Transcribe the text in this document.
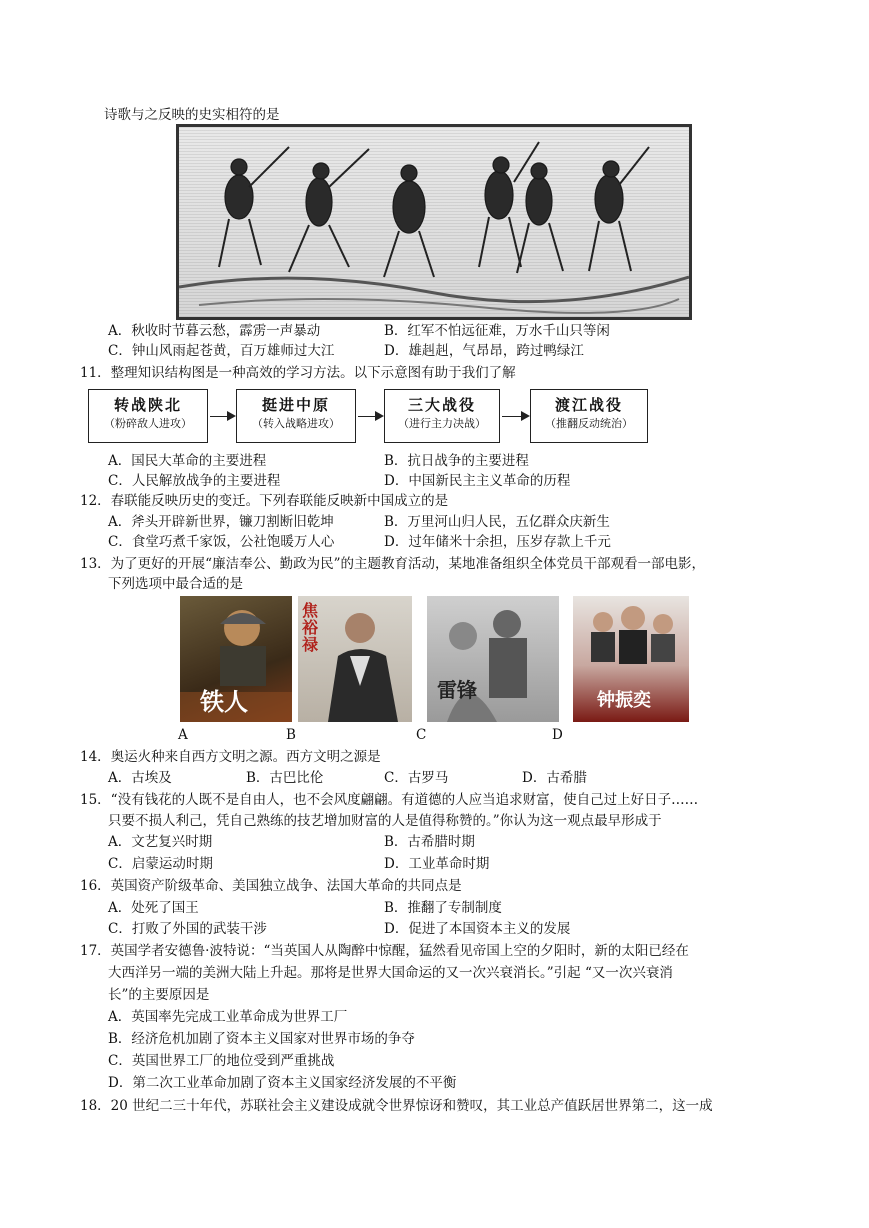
诗歌与之反映的史实相符的是
A．秋收时节暮云愁，霹雳一声暴动	B．红军不怕远征难，万水千山只等闲
C．钟山风雨起苍黄，百万雄师过大江	D．雄赳赳，气昂昂，跨过鸭绿江
11．整理知识结构图是一种高效的学习方法。以下示意图有助于我们了解
转战陕北
（粉碎敌人进攻）
挺进中原
（转入战略进攻）
三大战役
（进行主力决战）
渡江战役
（推翻反动统治）
A．国民大革命的主要进程	B．抗日战争的主要进程
C．人民解放战争的主要进程	D．中国新民主主义革命的历程
12．春联能反映历史的变迁。下列春联能反映新中国成立的是
A．斧头开辟新世界，镰刀割断旧乾坤	B．万里河山归人民，五亿群众庆新生
C．食堂巧煮千家饭，公社饱暖万人心	D．过年储米十余担，压岁存款上千元
13．为了更好的开展“廉洁奉公、勤政为民”的主题教育活动，某地准备组织全体党员干部观看一部电影，
下列选项中最合适的是
铁人
焦裕禄
雷锋	钟振奕
A	B	C	D
14．奥运火种来自西方文明之源。西方文明之源是
A．古埃及	B．古巴比伦	C．古罗马	D．古希腊
15．“没有钱花的人既不是自由人，也不会风度翩翩。有道德的人应当追求财富，使自己过上好日子……
只要不损人利己，凭自己熟练的技艺增加财富的人是值得称赞的。”你认为这一观点最早形成于
A．文艺复兴时期	B．古希腊时期
C．启蒙运动时期	D．工业革命时期
16．英国资产阶级革命、美国独立战争、法国大革命的共同点是
A．处死了国王	B．推翻了专制制度
C．打败了外国的武装干涉	D．促进了本国资本主义的发展
17．英国学者安德鲁·波特说：“当英国人从陶醉中惊醒，猛然看见帝国上空的夕阳时，新的太阳已经在
大西洋另一端的美洲大陆上升起。那将是世界大国命运的又一次兴衰消长。”引起 “又一次兴衰消
长”的主要原因是
A．英国率先完成工业革命成为世界工厂
B．经济危机加剧了资本主义国家对世界市场的争夺
C．英国世界工厂的地位受到严重挑战
D．第二次工业革命加剧了资本主义国家经济发展的不平衡
18．20 世纪二三十年代，苏联社会主义建设成就令世界惊讶和赞叹，其工业总产值跃居世界第二，这一成
